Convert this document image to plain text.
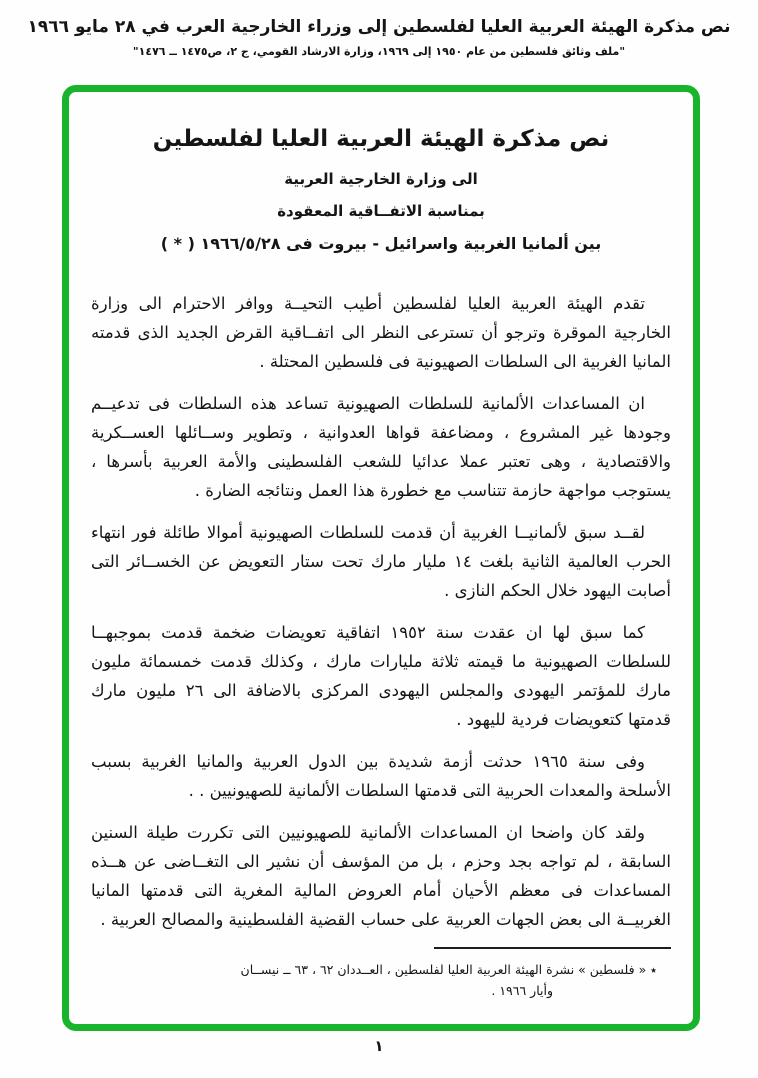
نص مذكرة الهيئة العربية العليا لفلسطين إلى وزراء الخارجية العرب في ٢٨ مايو ١٩٦٦
"ملف وثائق فلسطين من عام ١٩٥٠ إلى ١٩٦٩، وزارة الارشاد القومي، ج ٢، ص١٤٧٥ ــ ١٤٧٦"
نص مذكرة الهيئة العربية العليا لفلسطين
الى وزارة الخارجية العربية
بمناسبة الاتفــاقية المعقودة
بين ألمانيا الغربية واسرائيل - بيروت فى ١٩٦٦/٥/٢٨ ( * )

تقدم الهيئة العربية العليا لفلسطين أطيب التحيــة ووافر الاحترام الى وزارة الخارجية الموقرة وترجو أن تسترعى النظر الى اتفــاقية القرض الجديد الذى قدمته المانيا الغربية الى السلطات الصهيونية فى فلسطين المحتلة .

ان المساعدات الألمانية للسلطات الصهيونية تساعد هذه السلطات فى تدعيــم وجودها غير المشروع ، ومضاعفة قواها العدوانية ، وتطوير وســائلها العســكرية والاقتصادية ، وهى تعتبر عملا عدائيا للشعب الفلسطينى والأمة العربية بأسرها ، يستوجب مواجهة حازمة تتناسب مع خطورة هذا العمل ونتائجه الضارة .

لقــد سبق لألمانيــا الغربية أن قدمت للسلطات الصهيونية أموالا طائلة فور انتهاء الحرب العالمية الثانية بلغت ١٤ مليار مارك تحت ستار التعويض عن الخســائر التى أصابت اليهود خلال الحكم النازى .

كما سبق لها ان عقدت سنة ١٩٥٢ اتفاقية تعويضات ضخمة قدمت بموجبهــا للسلطات الصهيونية ما قيمته ثلاثة مليارات مارك ، وكذلك قدمت خمسمائة مليون مارك للمؤتمر اليهودى والمجلس اليهودى المركزى بالاضافة الى ٢٦ مليون مارك قدمتها كتعويضات فردية لليهود .

وفى سنة ١٩٦٥ حدثت أزمة شديدة بين الدول العربية والمانيا الغربية بسبب الأسلحة والمعدات الحربية التى قدمتها السلطات الألمانية للصهيونيين . .

ولقد كان واضحا ان المساعدات الألمانية للصهيونيين التى تكررت طيلة السنين السابقة ، لم تواجه بجد وحزم ، بل من المؤسف أن نشير الى التغــاضى عن هــذه المساعدات فى معظم الأحيان أمام العروض المالية المغرية التى قدمتها المانيا الغربيــة الى بعض الجهات العربية على حساب القضية الفلسطينية والمصالح العربية .

٭ « فلسطين » نشرة الهيئة العربية العليا لفلسطين ، العــددان ٦٢ ، ٦٣ ــ نيســان
وأيار ١٩٦٦ .
١
